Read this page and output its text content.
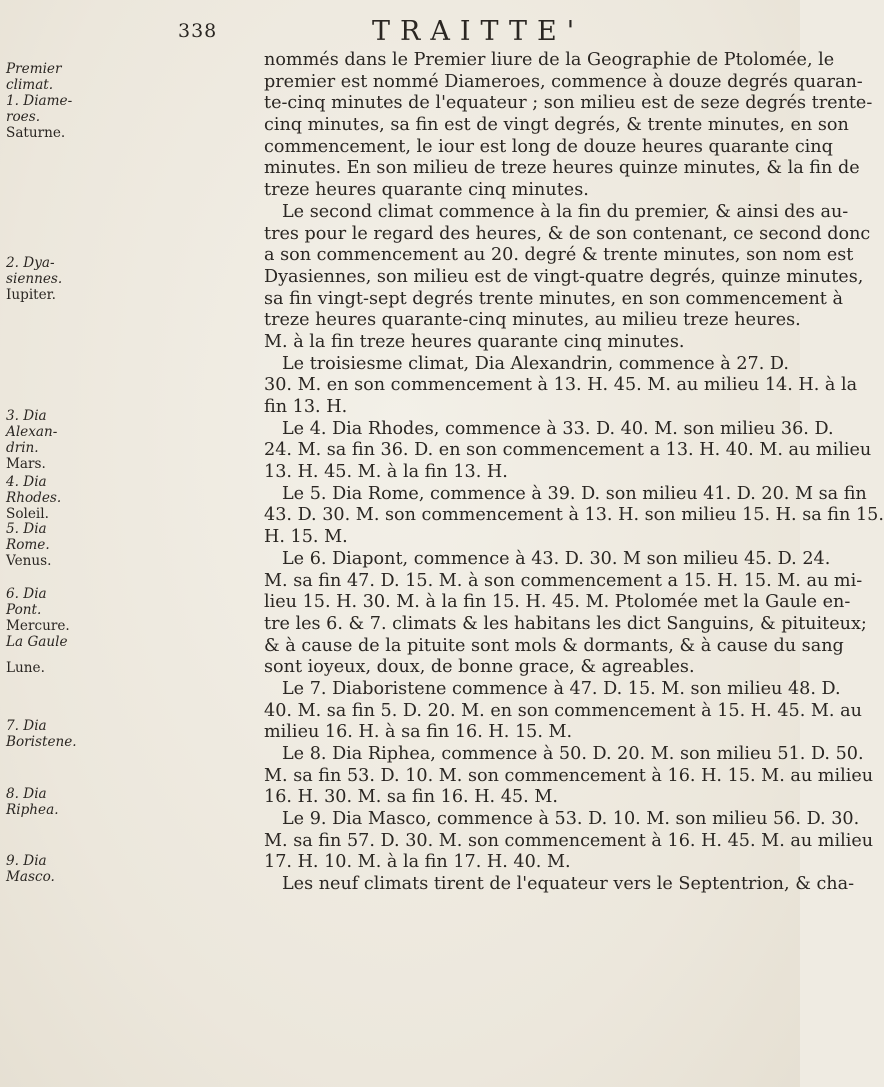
338	TRAITTE'
Premier
climat.
1. Diame-
roes.
Saturne.
2. Dya-
siennes.
Iupiter.
3. Dia
Alexan-
drin.
Mars.
4. Dia
Rhodes.
Soleil.
5. Dia
Rome.
Venus.
6. Dia
Pont.
Mercure.
La Gaule
Lune.
7. Dia
Boristene.
8. Dia
Riphea.
9. Dia
Masco.
nommés dans le Premier liure de la Geographie de Ptolomée, le
premier est nommé Diameroes, commence à douze degrés quaran-
te-cinq minutes de l'equateur ; son milieu est de seze degrés trente-
cinq minutes, sa fin est de vingt degrés, & trente minutes, en son
commencement, le iour est long de douze heures quarante cinq
minutes. En son milieu de treze heures quinze minutes, & la fin de
treze heures quarante cinq minutes.
Le second climat commence à la fin du premier, & ainsi des au-
tres pour le regard des heures, & de son contenant, ce second donc
a son commencement au 20. degré & trente minutes, son nom est
Dyasiennes, son milieu est de vingt-quatre degrés, quinze minutes,
sa fin vingt-sept degrés trente minutes, en son commencement à
treze heures quarante-cinq minutes, au milieu treze heures.
M. à la fin treze heures quarante cinq minutes.
Le troisiesme climat, Dia Alexandrin, commence à 27. D.
30. M. en son commencement à 13. H. 45. M. au milieu 14. H. à la
fin 13. H.
Le 4. Dia Rhodes, commence à 33. D. 40. M. son milieu 36. D.
24. M. sa fin 36. D. en son commencement a 13. H. 40. M. au milieu
13. H. 45. M. à la fin 13. H.
Le 5. Dia Rome, commence à 39. D. son milieu 41. D. 20. M sa fin
43. D. 30. M. son commencement à 13. H. son milieu 15. H. sa fin 15.
H. 15. M.
Le 6. Diapont, commence à 43. D. 30. M son milieu 45. D. 24.
M. sa fin 47. D. 15. M. à son commencement a 15. H. 15. M. au mi-
lieu 15. H. 30. M. à la fin 15. H. 45. M. Ptolomée met la Gaule en-
tre les 6. & 7. climats & les habitans les dict Sanguins, & pituiteux;
& à cause de la pituite sont mols & dormants, & à cause du sang
sont ioyeux, doux, de bonne grace, & agreables.
Le 7. Diaboristene commence à 47. D. 15. M. son milieu 48. D.
40. M. sa fin 5. D. 20. M. en son commencement à 15. H. 45. M. au
milieu 16. H. à sa fin 16. H. 15. M.
Le 8. Dia Riphea, commence à 50. D. 20. M. son milieu 51. D. 50.
M. sa fin 53. D. 10. M. son commencement à 16. H. 15. M. au milieu
16. H. 30. M. sa fin 16. H. 45. M.
Le 9. Dia Masco, commence à 53. D. 10. M. son milieu 56. D. 30.
M. sa fin 57. D. 30. M. son commencement à 16. H. 45. M. au milieu
17. H. 10. M. à la fin 17. H. 40. M.
Les neuf climats tirent de l'equateur vers le Septentrion, & cha-
